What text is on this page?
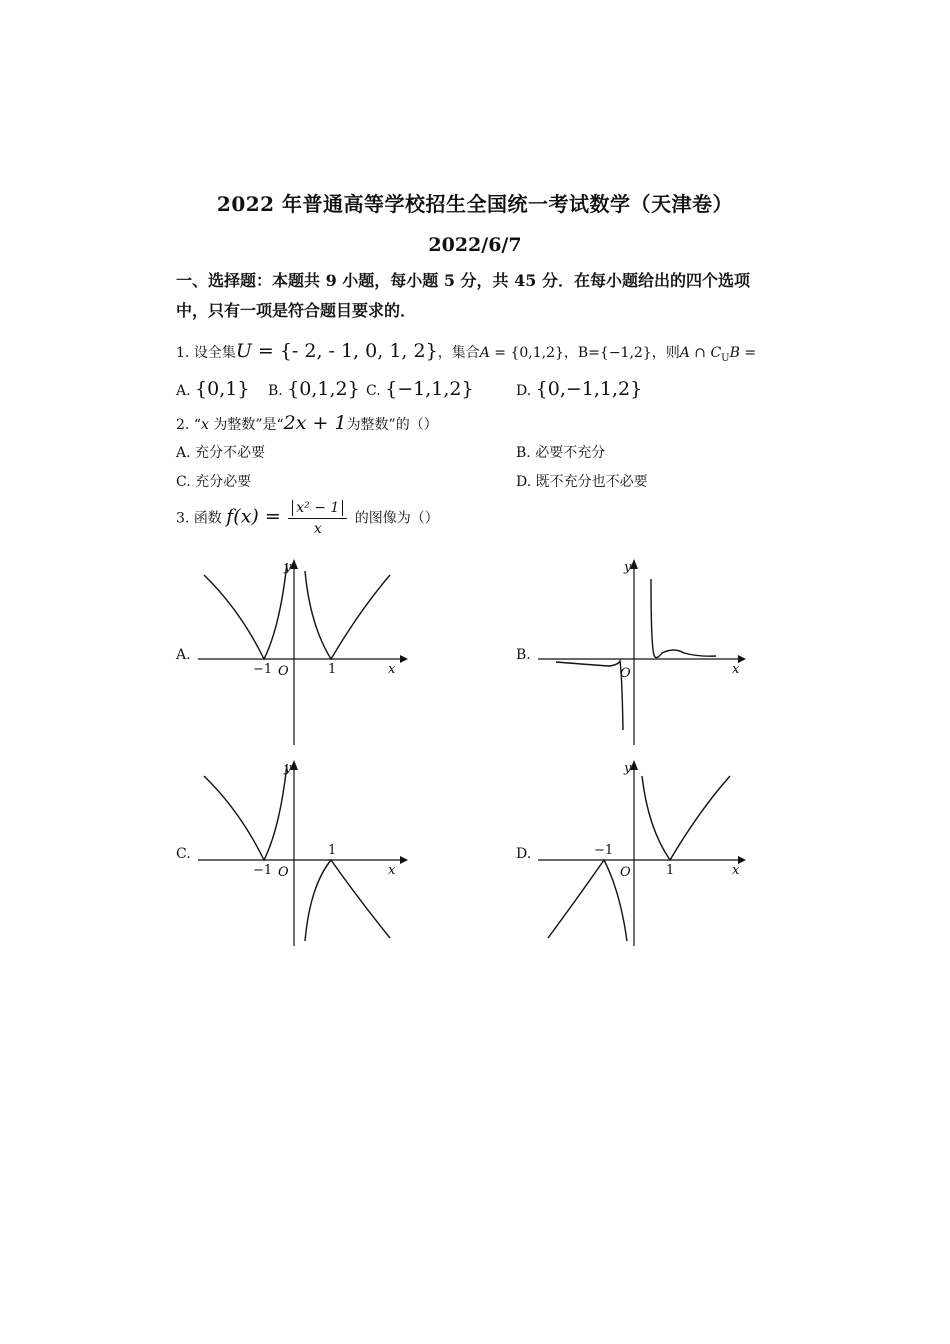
2022 年普通高等学校招生全国统一考试数学（天津卷）
2022/6/7
一、选择题：本题共 9 小题，每小题 5 分，共 45 分．在每小题给出的四个选项
中，只有一项是符合题目要求的．
1. 设全集U = {- 2, - 1, 0, 1, 2}，集合A = {0,1,2}，B={−1,2}，则A ∩ $C_UB$ =
A. {0,1} B. {0,1,2} C. {−1,1,2}	D. {0,−1,1,2}
2. “x 为整数”是“2x + 1为整数”的（）
A. 充分不必要	B. 必要不充分
C. 充分必要	D. 既不充分也不必要
3. 函数 $f(x) = \frac{\text{x² − 1}}{x}$ 的图像为（）
A.
−1	1
O	x
y
B.
O	x
y
C.
−1
1
O	x
y
D.	−1
1
O	x
y
